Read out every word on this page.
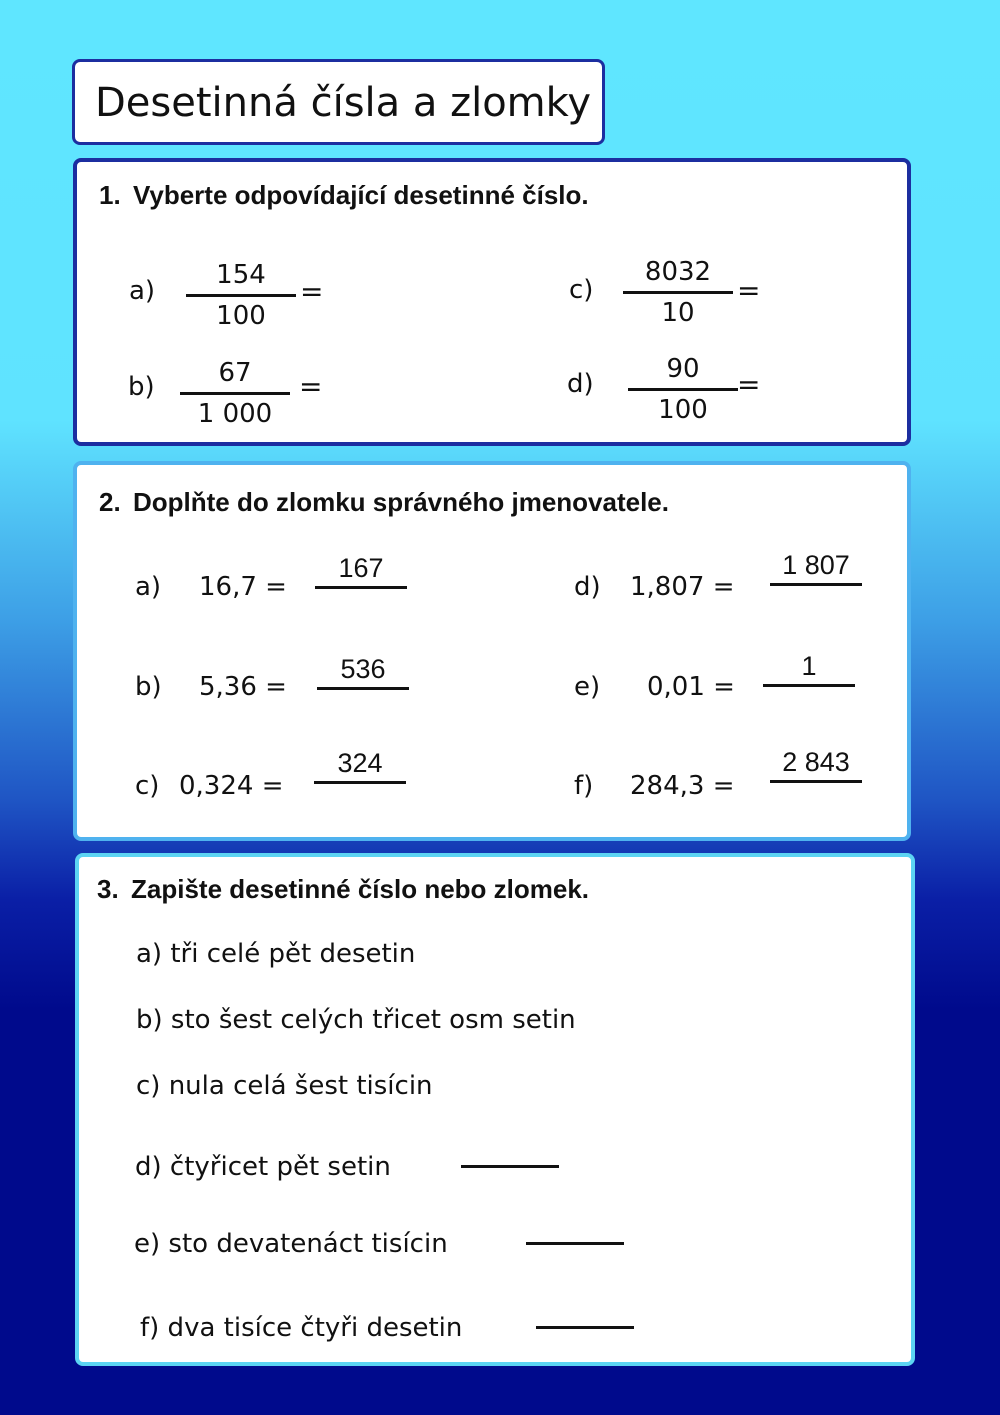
Desetinná čísla a zlomky
1. Vyberte odpovídající desetinné číslo.
a)
154
100
=
b)	67
1 000
=
c)
8032
10
=
d)	90
100
=
2. Doplňte do zlomku správného jmenovatele.
a) 16,7 =
167
b) 5,36 =
536
c) 0,324 =
324
d) 1,807 =
1 807
e) 0,01 =
1
f) 284,3 =
2 843
3. Zapište desetinné číslo nebo zlomek.
a) tři celé pět desetin
b) sto šest celých třicet osm setin
c) nula celá šest tisícin
d) čtyřicet pět setin
e) sto devatenáct tisícin
f) dva tisíce čtyři desetin
